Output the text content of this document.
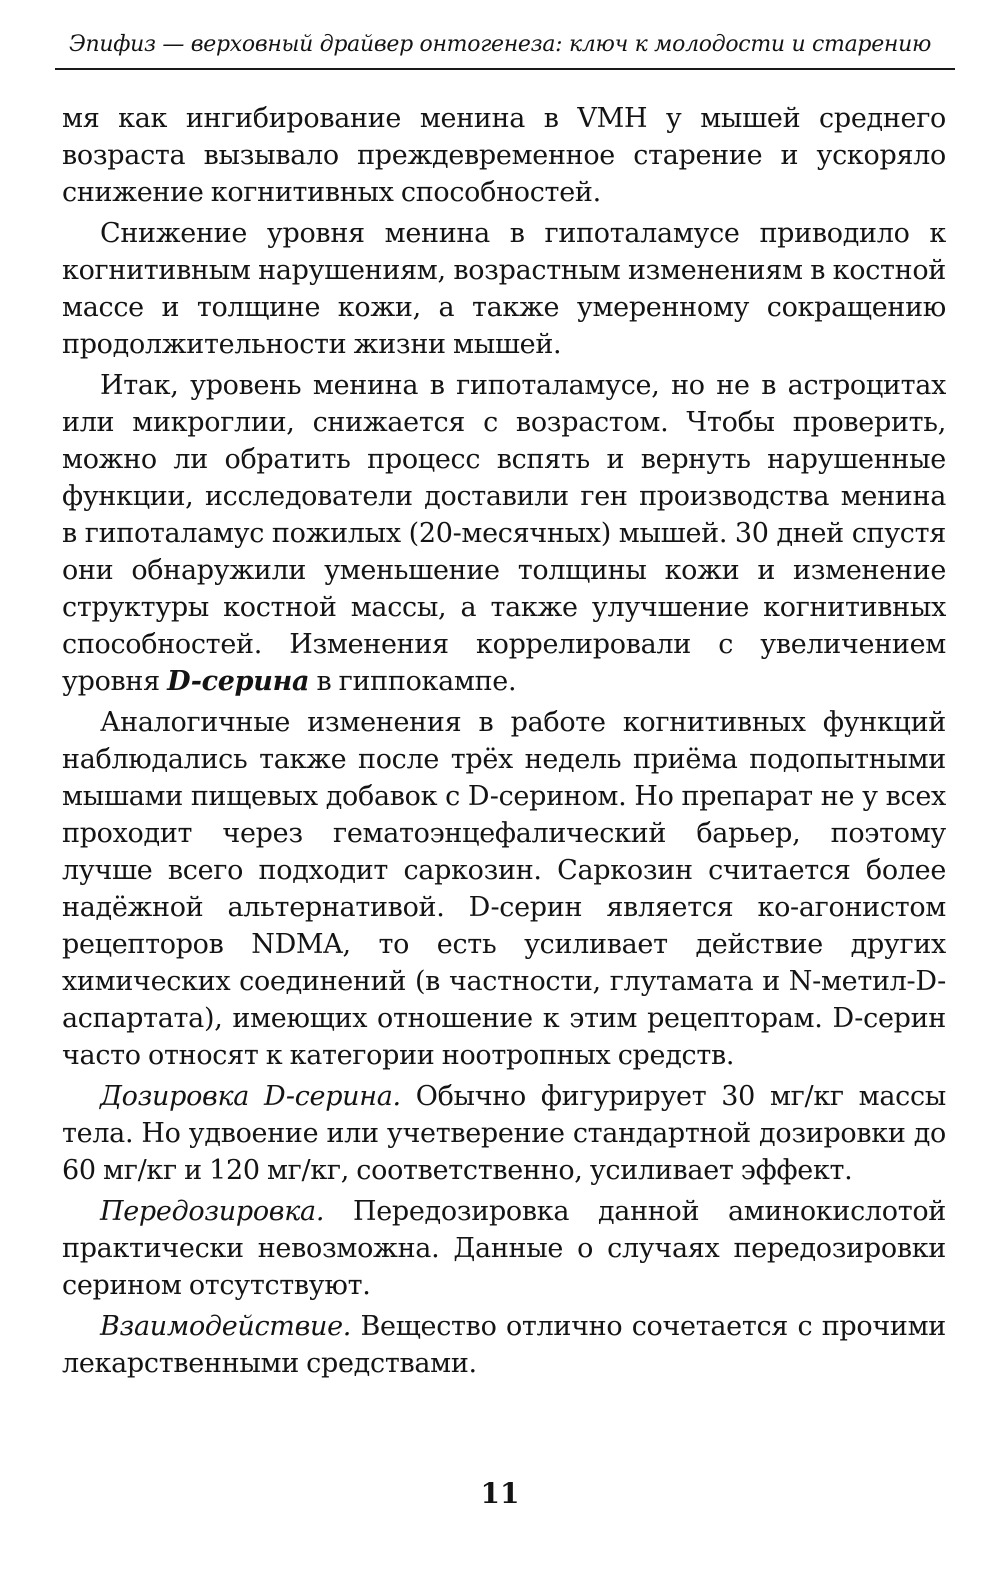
Эпифиз — верховный драйвер онтогенеза: ключ к молодости и старению

мя как ингибирование менина в VMH у мышей среднего возраста вызывало преждевременное старение и ускоряло снижение когнитивных способностей.

Снижение уровня менина в гипоталамусе приводило к когнитивным нарушениям, возрастным изменениям в костной массе и толщине кожи, а также умеренному сокращению продолжительности жизни мышей.

Итак, уровень менина в гипоталамусе, но не в астроцитах или микроглии, снижается с возрастом. Чтобы проверить, можно ли обратить процесс вспять и вернуть нарушенные функции, исследователи доставили ген производства менина в гипоталамус пожилых (20-месячных) мышей. 30 дней спустя они обнаружили уменьшение толщины кожи и изменение структуры костной массы, а также улучшение когнитивных способностей. Изменения коррелировали с увеличением уровня D-серина в гиппокампе.

Аналогичные изменения в работе когнитивных функций наблюдались также после трёх недель приёма подопытными мышами пищевых добавок с D-серином. Но препарат не у всех проходит через гематоэнцефалический барьер, поэтому лучше всего подходит саркозин. Саркозин считается более надёжной альтернативой. D-серин является ко-агонистом рецепторов NDMA, то есть усиливает действие других химических соединений (в частности, глутамата и N-метил-D-аспартата), имеющих отношение к этим рецепторам. D-серин часто относят к категории ноотропных средств.

Дозировка D-серина. Обычно фигурирует 30 мг/кг массы тела. Но удвоение или учетверение стандартной дозировки до 60 мг/кг и 120 мг/кг, соответственно, усиливает эффект.

Передозировка. Передозировка данной аминокислотой практически невозможна. Данные о случаях передозировки серином отсутствуют.

Взаимодействие. Вещество отлично сочетается с прочими лекарственными средствами.

11
